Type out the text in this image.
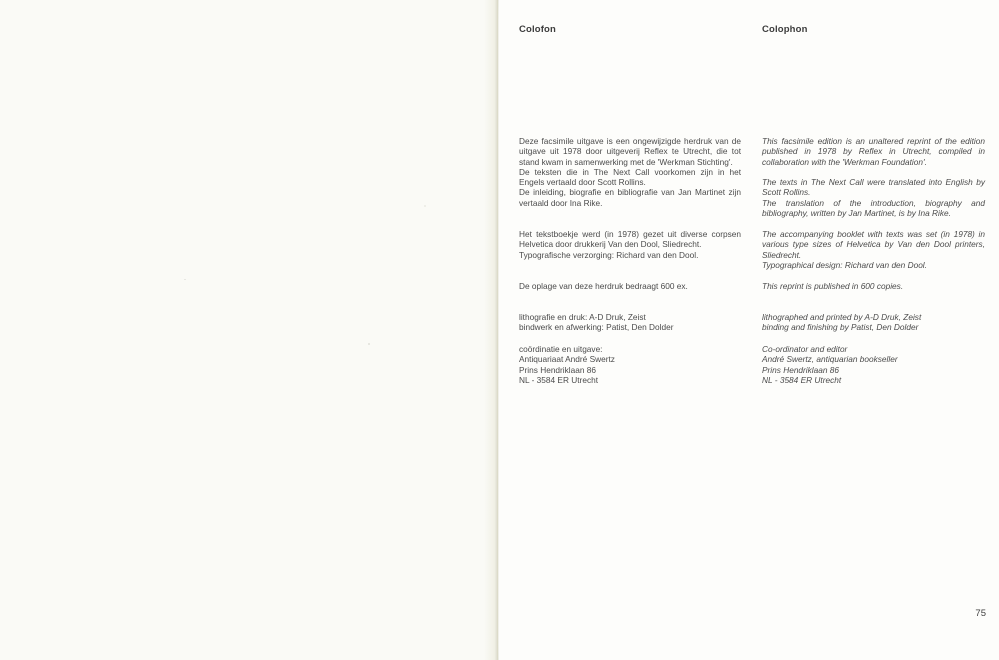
Colofon	Colophon

Deze facsimile uitgave is een ongewijzigde herdruk van de uitgave uit 1978 door uitgeverij Reflex te Utrecht, die tot stand kwam in samenwerking met de 'Werkman Stichting'.

De teksten die in The Next Call voorkomen zijn in het Engels vertaald door Scott Rollins.

De inleiding, biografie en bibliografie van Jan Martinet zijn vertaald door Ina Rike.

Het tekstboekje werd (in 1978) gezet uit diverse corpsen Helvetica door drukkerij Van den Dool, Sliedrecht.

Typografische verzorging: Richard van den Dool.

De oplage van deze herdruk bedraagt 600 ex.

lithografie en druk: A-D Druk, Zeist

bindwerk en afwerking: Patist, Den Dolder

coördinatie en uitgave:

Antiquariaat André Swertz

Prins Hendriklaan 86

NL - 3584 ER Utrecht

This facsimile edition is an unaltered reprint of the edition published in 1978 by Reflex in Utrecht, compiled in collaboration with the 'Werkman Foundation'.

The texts in The Next Call were translated into English by Scott Rollins.

The translation of the introduction, biography and bibliography, written by Jan Martinet, is by Ina Rike.

The accompanying booklet with texts was set (in 1978) in various type sizes of Helvetica by Van den Dool printers, Sliedrecht.

Typographical design: Richard van den Dool.

This reprint is published in 600 copies.

lithographed and printed by A-D Druk, Zeist

binding and finishing by Patist, Den Dolder

Co-ordinator and editor

André Swertz, antiquarian bookseller

Prins Hendriklaan 86

NL - 3584 ER Utrecht

75
